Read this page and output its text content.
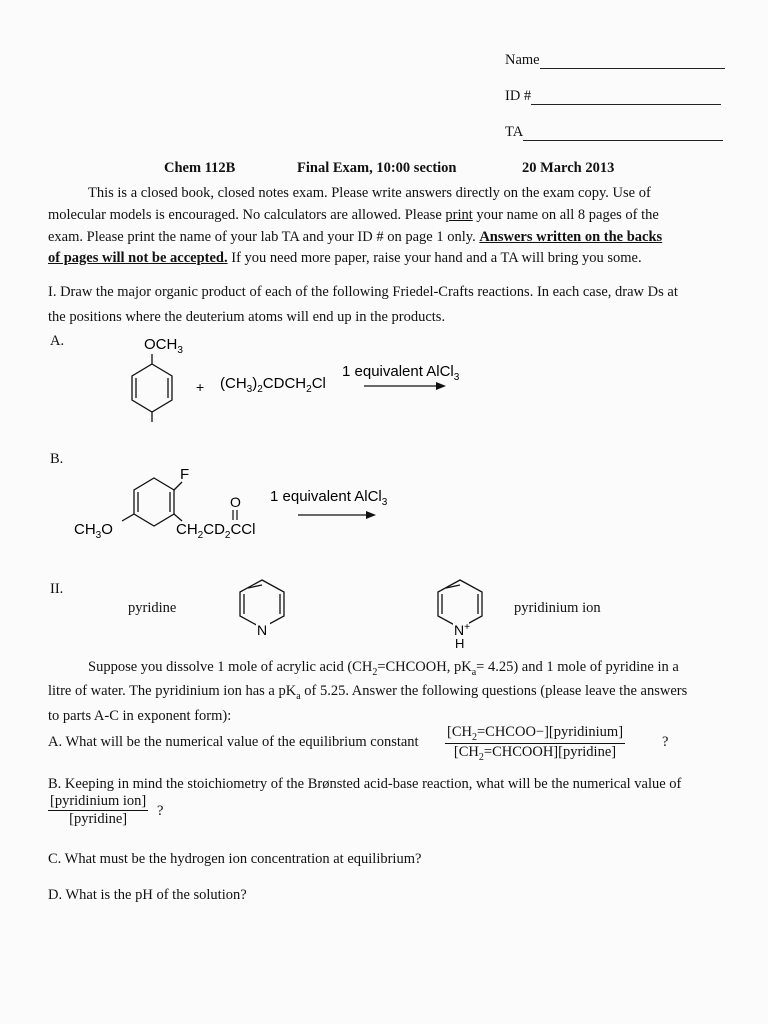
Name
ID #
TA
Chem 112B	Final Exam, 10:00 section	20 March 2013
This is a closed book, closed notes exam. Please write answers directly on the exam copy. Use of
molecular models is encouraged. No calculators are allowed. Please print your name on all 8 pages of the
exam. Please print the name of your lab TA and your ID # on page 1 only. Answers written on the backs
of pages will not be accepted. If you need more paper, raise your hand and a TA will bring you some.
I. Draw the major organic product of each of the following Friedel-Crafts reactions. In each case, draw Ds at
the positions where the deuterium atoms will end up in the products.
A.	$OCH_3$
+ $(CH_3)_2CDCH_2Cl$
1 equivalent AlCl$_3$
B.
F
$CH_3O$	$CH_2CD_2CCl$
O 1 equivalent AlCl$_3$
II.
pyridine
N	N+
H
pyridinium ion
Suppose you dissolve 1 mole of acrylic acid ($CH_2=CHCOOH$, $pK_a= 4.25$) and 1 mole of pyridine in a
litre of water. The pyridinium ion has a $pK_a$ of 5.25. Answer the following questions (please leave the answers
to parts A-C in exponent form):
A. What will be the numerical value of the equilibrium constant
$[CH_2=CHCOO-][pyridinium]$
$[CH_2=CHCOOH][pyridine]$
?
B. Keeping in mind the stoichiometry of the Brønsted acid-base reaction, what will be the numerical value of
[pyridinium ion]
[pyridine]	?
C. What must be the hydrogen ion concentration at equilibrium?
D. What is the pH of the solution?
